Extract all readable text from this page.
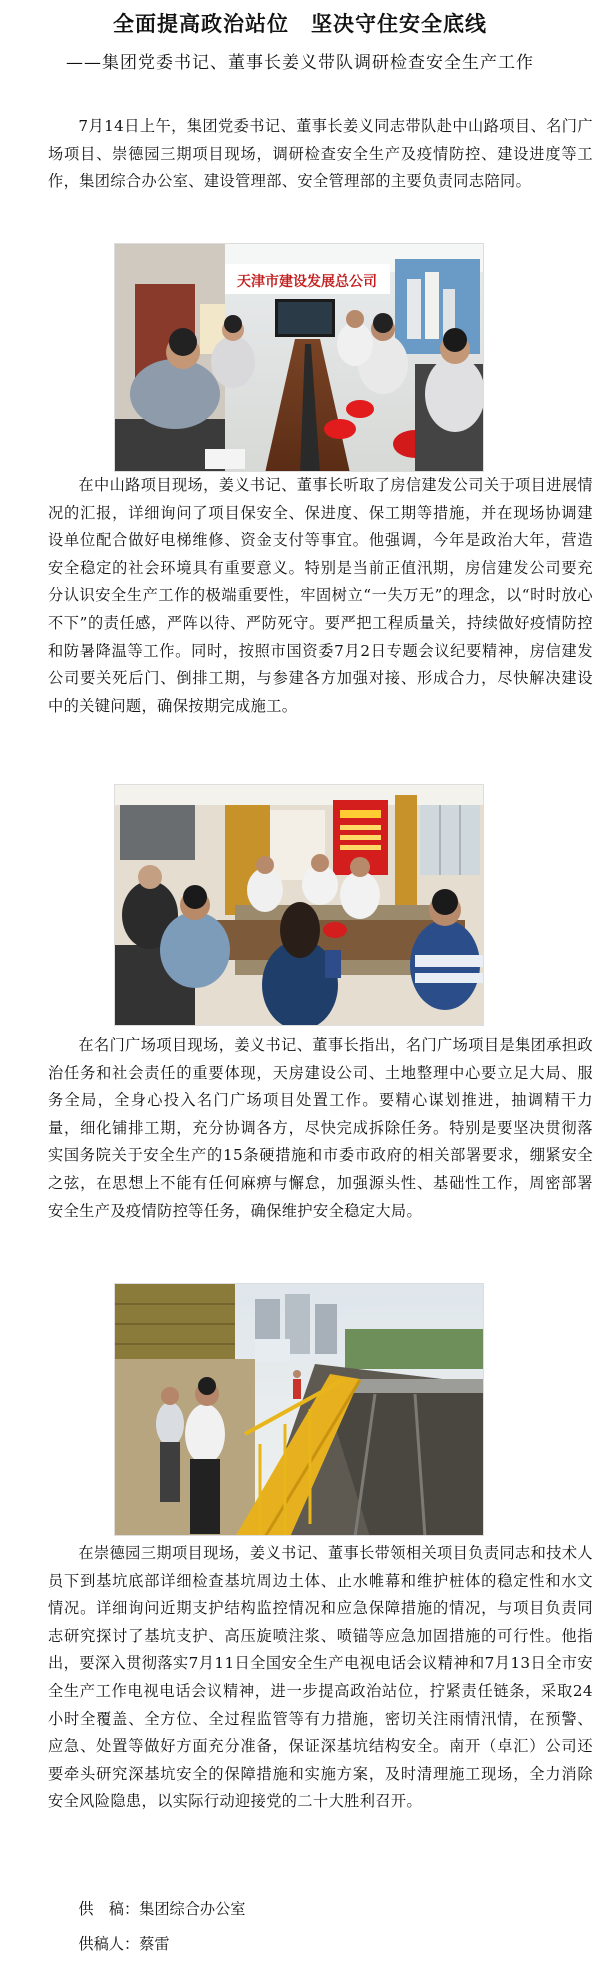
全面提高政治站位　坚决守住安全底线
——集团党委书记、董事长姜义带队调研检查安全生产工作
7月14日上午，集团党委书记、董事长姜义同志带队赴中山路项目、名门广场项目、崇德园三期项目现场，调研检查安全生产及疫情防控、建设进度等工作，集团综合办公室、建设管理部、安全管理部的主要负责同志陪同。
天津市建设发展总公司
在中山路项目现场，姜义书记、董事长听取了房信建发公司关于项目进展情况的汇报，详细询问了项目保安全、保进度、保工期等措施，并在现场协调建设单位配合做好电梯维修、资金支付等事宜。他强调，今年是政治大年，营造安全稳定的社会环境具有重要意义。特别是当前正值汛期，房信建发公司要充分认识安全生产工作的极端重要性，牢固树立“一失万无”的理念，以“时时放心不下”的责任感，严阵以待、严防死守。要严把工程质量关，持续做好疫情防控和防暑降温等工作。同时，按照市国资委7月2日专题会议纪要精神，房信建发公司要关死后门、倒排工期，与参建各方加强对接、形成合力，尽快解决建设中的关键问题，确保按期完成施工。
在名门广场项目现场，姜义书记、董事长指出，名门广场项目是集团承担政治任务和社会责任的重要体现，天房建设公司、土地整理中心要立足大局、服务全局，全身心投入名门广场项目处置工作。要精心谋划推进，抽调精干力量，细化铺排工期，充分协调各方，尽快完成拆除任务。特别是要坚决贯彻落实国务院关于安全生产的15条硬措施和市委市政府的相关部署要求，绷紧安全之弦，在思想上不能有任何麻痹与懈怠，加强源头性、基础性工作，周密部署安全生产及疫情防控等任务，确保维护安全稳定大局。
在崇德园三期项目现场，姜义书记、董事长带领相关项目负责同志和技术人员下到基坑底部详细检查基坑周边土体、止水帷幕和维护桩体的稳定性和水文情况。详细询问近期支护结构监控情况和应急保障措施的情况，与项目负责同志研究探讨了基坑支护、高压旋喷注浆、喷锚等应急加固措施的可行性。他指出，要深入贯彻落实7月11日全国安全生产电视电话会议精神和7月13日全市安全生产工作电视电话会议精神，进一步提高政治站位，拧紧责任链条，采取24小时全覆盖、全方位、全过程监管等有力措施，密切关注雨情汛情，在预警、应急、处置等做好方面充分准备，保证深基坑结构安全。南开（卓汇）公司还要牵头研究深基坑安全的保障措施和实施方案，及时清理施工现场，全力消除安全风险隐患，以实际行动迎接党的二十大胜利召开。
供　稿：集团综合办公室
供稿人：蔡雷
